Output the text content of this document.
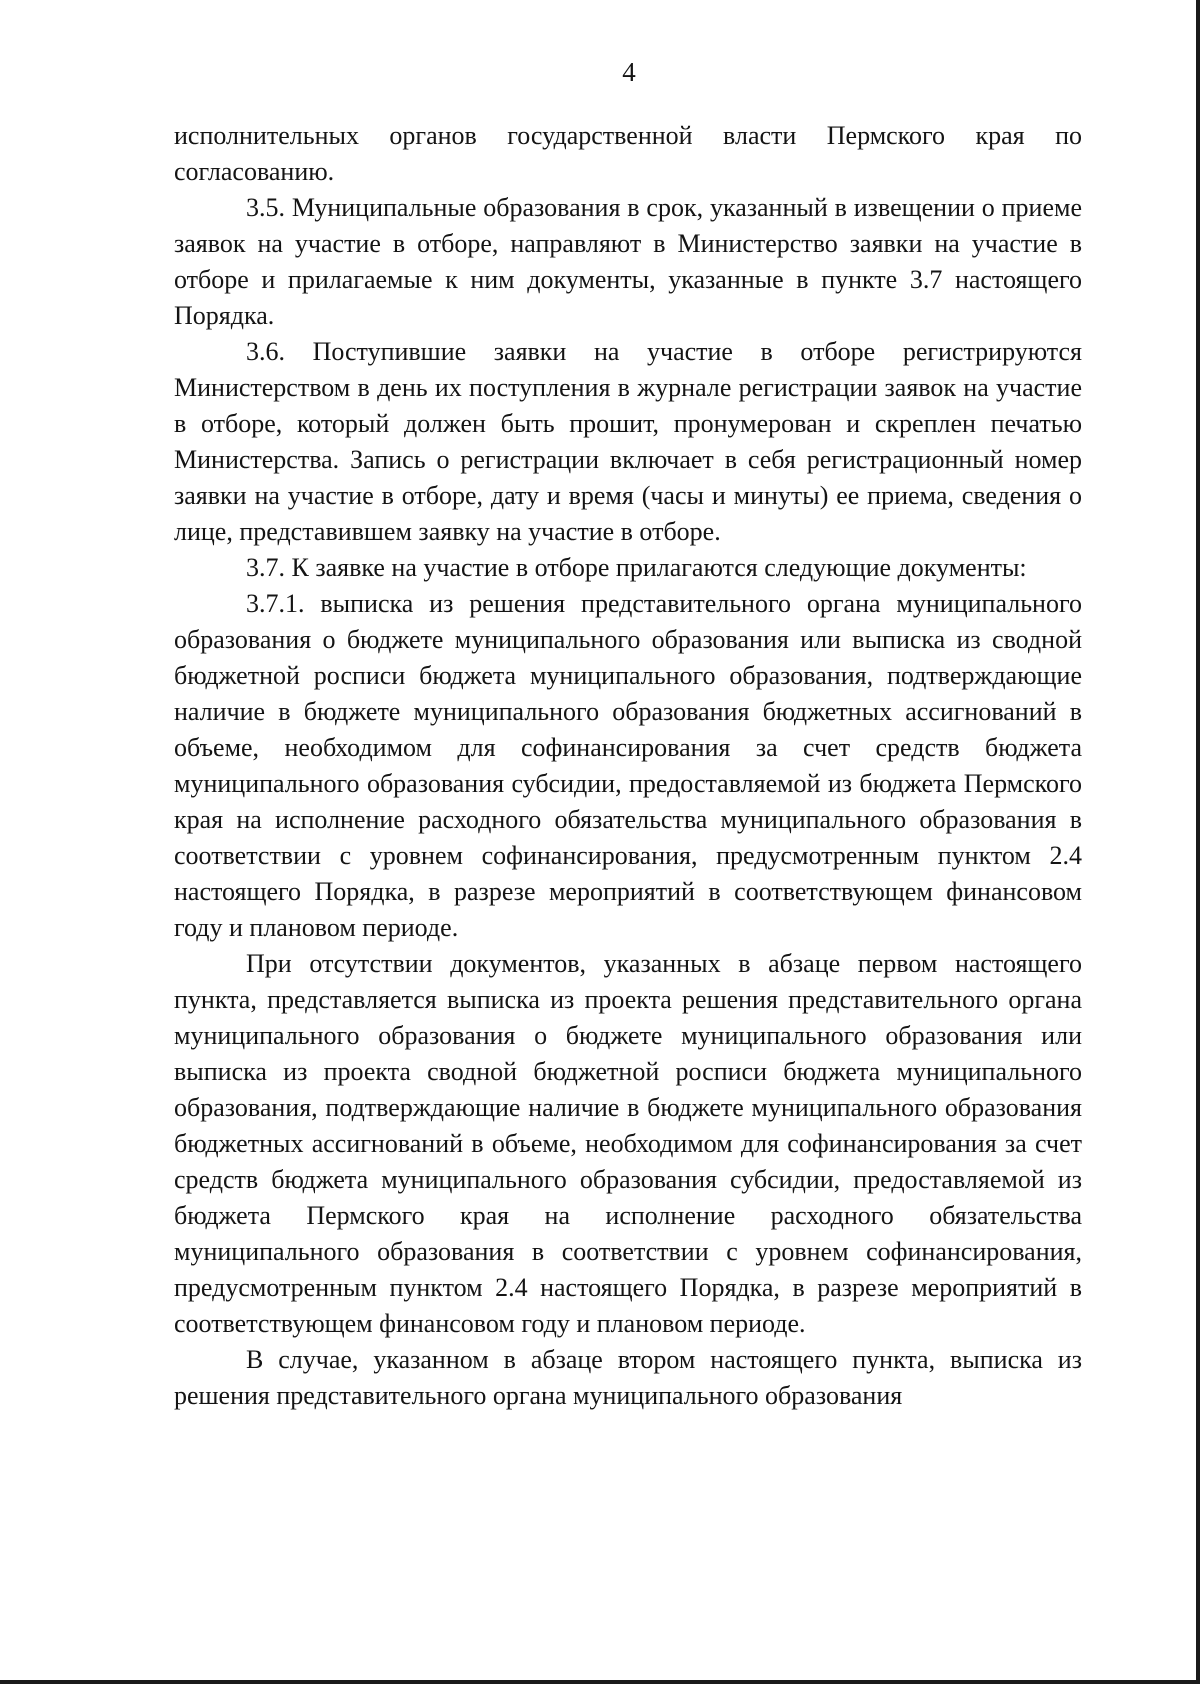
4

исполнительных органов государственной власти Пермского края по согласованию.

3.5. Муниципальные образования в срок, указанный в извещении о приеме заявок на участие в отборе, направляют в Министерство заявки на участие в отборе и прилагаемые к ним документы, указанные в пункте 3.7 настоящего Порядка.

3.6. Поступившие заявки на участие в отборе регистрируются Министерством в день их поступления в журнале регистрации заявок на участие в отборе, который должен быть прошит, пронумерован и скреплен печатью Министерства. Запись о регистрации включает в себя регистрационный номер заявки на участие в отборе, дату и время (часы и минуты) ее приема, сведения о лице, представившем заявку на участие в отборе.

3.7. К заявке на участие в отборе прилагаются следующие документы:

3.7.1. выписка из решения представительного органа муниципального образования о бюджете муниципального образования или выписка из сводной бюджетной росписи бюджета муниципального образования, подтверждающие наличие в бюджете муниципального образования бюджетных ассигнований в объеме, необходимом для софинансирования за счет средств бюджета муниципального образования субсидии, предоставляемой из бюджета Пермского края на исполнение расходного обязательства муниципального образования в соответствии с уровнем софинансирования, предусмотренным пунктом 2.4 настоящего Порядка, в разрезе мероприятий в соответствующем финансовом году и плановом периоде.

При отсутствии документов, указанных в абзаце первом настоящего пункта, представляется выписка из проекта решения представительного органа муниципального образования о бюджете муниципального образования или выписка из проекта сводной бюджетной росписи бюджета муниципального образования, подтверждающие наличие в бюджете муниципального образования бюджетных ассигнований в объеме, необходимом для софинансирования за счет средств бюджета муниципального образования субсидии, предоставляемой из бюджета Пермского края на исполнение расходного обязательства муниципального образования в соответствии с уровнем софинансирования, предусмотренным пунктом 2.4 настоящего Порядка, в разрезе мероприятий в соответствующем финансовом году и плановом периоде.

В случае, указанном в абзаце втором настоящего пункта, выписка из решения представительного органа муниципального образования
